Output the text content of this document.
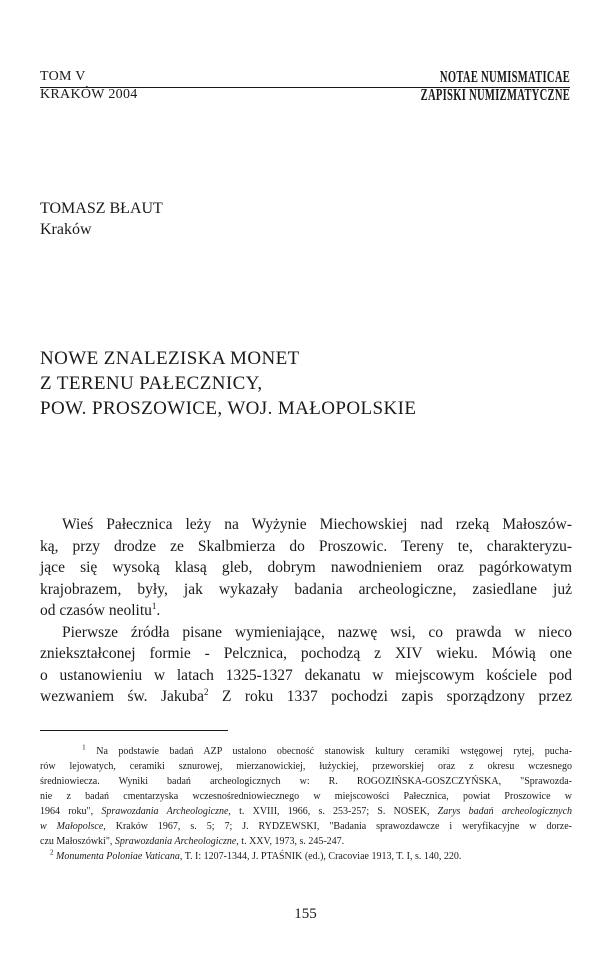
TOM V
KRAKÓW 2004
NOTAE NUMISMATICAE
ZAPISKI NUMIZMATYCZNE
TOMASZ BŁAUT
Kraków
NOWE ZNALEZISKA MONET
Z TERENU PAŁECZNICY,
POW. PROSZOWICE, WOJ. MAŁOPOLSKIE
Wieś Pałecznica leży na Wyżynie Miechowskiej nad rzeką Małoszów-
ką, przy drodze ze Skalbmierza do Proszowic. Tereny te, charakteryzu-
jące się wysoką klasą gleb, dobrym nawodnieniem oraz pagórkowatym
krajobrazem, były, jak wykazały badania archeologiczne, zasiedlane już
od czasów neolitu$^1$.
Pierwsze źródła pisane wymieniające, nazwę wsi, co prawda w nieco
zniekształconej formie - Pelcznica, pochodzą z XIV wieku. Mówią one
o ustanowieniu w latach 1325-1327 dekanatu w miejscowym kościele pod
wezwaniem św. Jakuba$^2$ Z roku 1337 pochodzi zapis sporządzony przez
$^1$ Na podstawie badań AZP ustalono obecność stanowisk kultury ceramiki wstęgowej rytej, pucha-
rów lejowatych, ceramiki sznurowej, mierzanowickiej, łużyckiej, przeworskiej oraz z okresu wczesnego
średniowiecza. Wyniki badań archeologicznych w: R. ROGOZIŃSKA-GOSZCZYŃSKA, "Sprawozda-
nie z badań cmentarzyska wczesnośredniowiecznego w miejscowości Pałecznica, powiat Proszowice w
1964 roku", Sprawozdania Archeologiczne, t. XVIII, 1966, s. 253-257; S. NOSEK, Zarys badań archeologicznych
w Małopolsce, Kraków 1967, s. 5; 7; J. RYDZEWSKI, "Badania sprawozdawcze i weryfikacyjne w dorze-
czu Małoszówki", Sprawozdania Archeologiczne, t. XXV, 1973, s. 245-247.
$^2$ Monumenta Poloniae Vaticana, T. I: 1207-1344, J. PTAŚNIK (ed.), Cracoviae 1913, T. I, s. 140, 220.
155
